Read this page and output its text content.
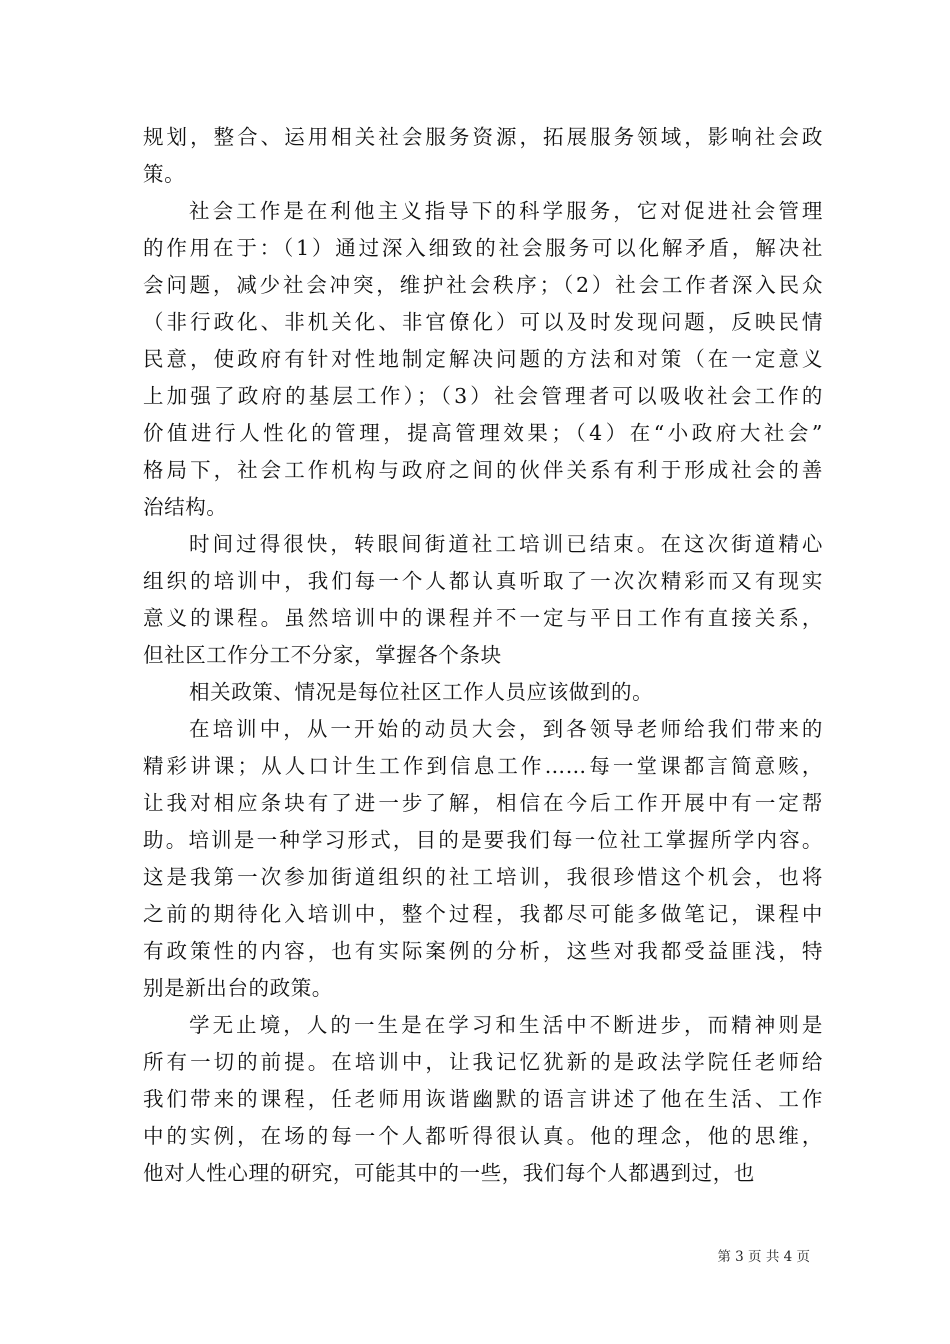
规划，整合、运用相关社会服务资源，拓展服务领域，影响社会政
策。
社会工作是在利他主义指导下的科学服务，它对促进社会管理
的作用在于：（1）通过深入细致的社会服务可以化解矛盾，解决社
会问题，减少社会冲突，维护社会秩序；（2）社会工作者深入民众
（非行政化、非机关化、非官僚化）可以及时发现问题，反映民情
民意，使政府有针对性地制定解决问题的方法和对策（在一定意义
上加强了政府的基层工作）；（3）社会管理者可以吸收社会工作的
价值进行人性化的管理，提高管理效果；（4）在“小政府大社会”
格局下，社会工作机构与政府之间的伙伴关系有利于形成社会的善
治结构。
时间过得很快，转眼间街道社工培训已结束。在这次街道精心
组织的培训中，我们每一个人都认真听取了一次次精彩而又有现实
意义的课程。虽然培训中的课程并不一定与平日工作有直接关系，
但社区工作分工不分家，掌握各个条块
相关政策、情况是每位社区工作人员应该做到的。
在培训中，从一开始的动员大会，到各领导老师给我们带来的
精彩讲课；从人口计生工作到信息工作……每一堂课都言简意赅，
让我对相应条块有了进一步了解，相信在今后工作开展中有一定帮
助。培训是一种学习形式，目的是要我们每一位社工掌握所学内容。
这是我第一次参加街道组织的社工培训，我很珍惜这个机会，也将
之前的期待化入培训中，整个过程，我都尽可能多做笔记，课程中
有政策性的内容，也有实际案例的分析，这些对我都受益匪浅，特
别是新出台的政策。
学无止境，人的一生是在学习和生活中不断进步，而精神则是
所有一切的前提。在培训中，让我记忆犹新的是政法学院任老师给
我们带来的课程，任老师用诙谐幽默的语言讲述了他在生活、工作
中的实例，在场的每一个人都听得很认真。他的理念，他的思维，
他对人性心理的研究，可能其中的一些，我们每个人都遇到过，也
第 3 页 共 4 页
